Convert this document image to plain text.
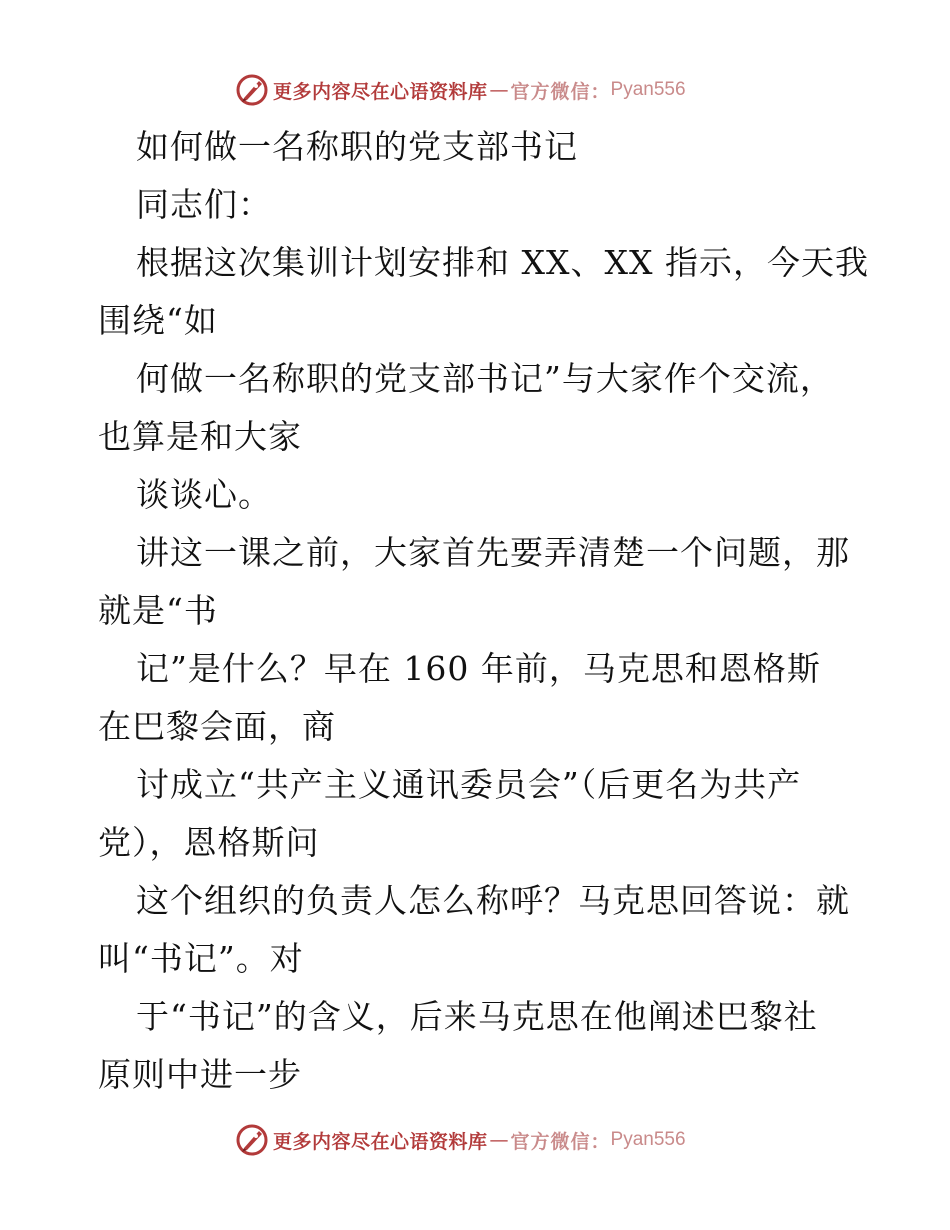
更多内容尽在心语资料库 — 官方微信： Pyan556
如何做一名称职的党支部书记
同志们：
根据这次集训计划安排和 XX、XX 指示，今天我
围绕“如
何做一名称职的党支部书记”与大家作个交流，
也算是和大家
谈谈心。
讲这一课之前，大家首先要弄清楚一个问题，那
就是“书
记”是什么？早在 160 年前，马克思和恩格斯
在巴黎会面，商
讨成立“共产主义通讯委员会”（后更名为共产
党），恩格斯问
这个组织的负责人怎么称呼？马克思回答说：就
叫“书记”。对
于“书记”的含义，后来马克思在他阐述巴黎社
原则中进一步
更多内容尽在心语资料库 — 官方微信： Pyan556
